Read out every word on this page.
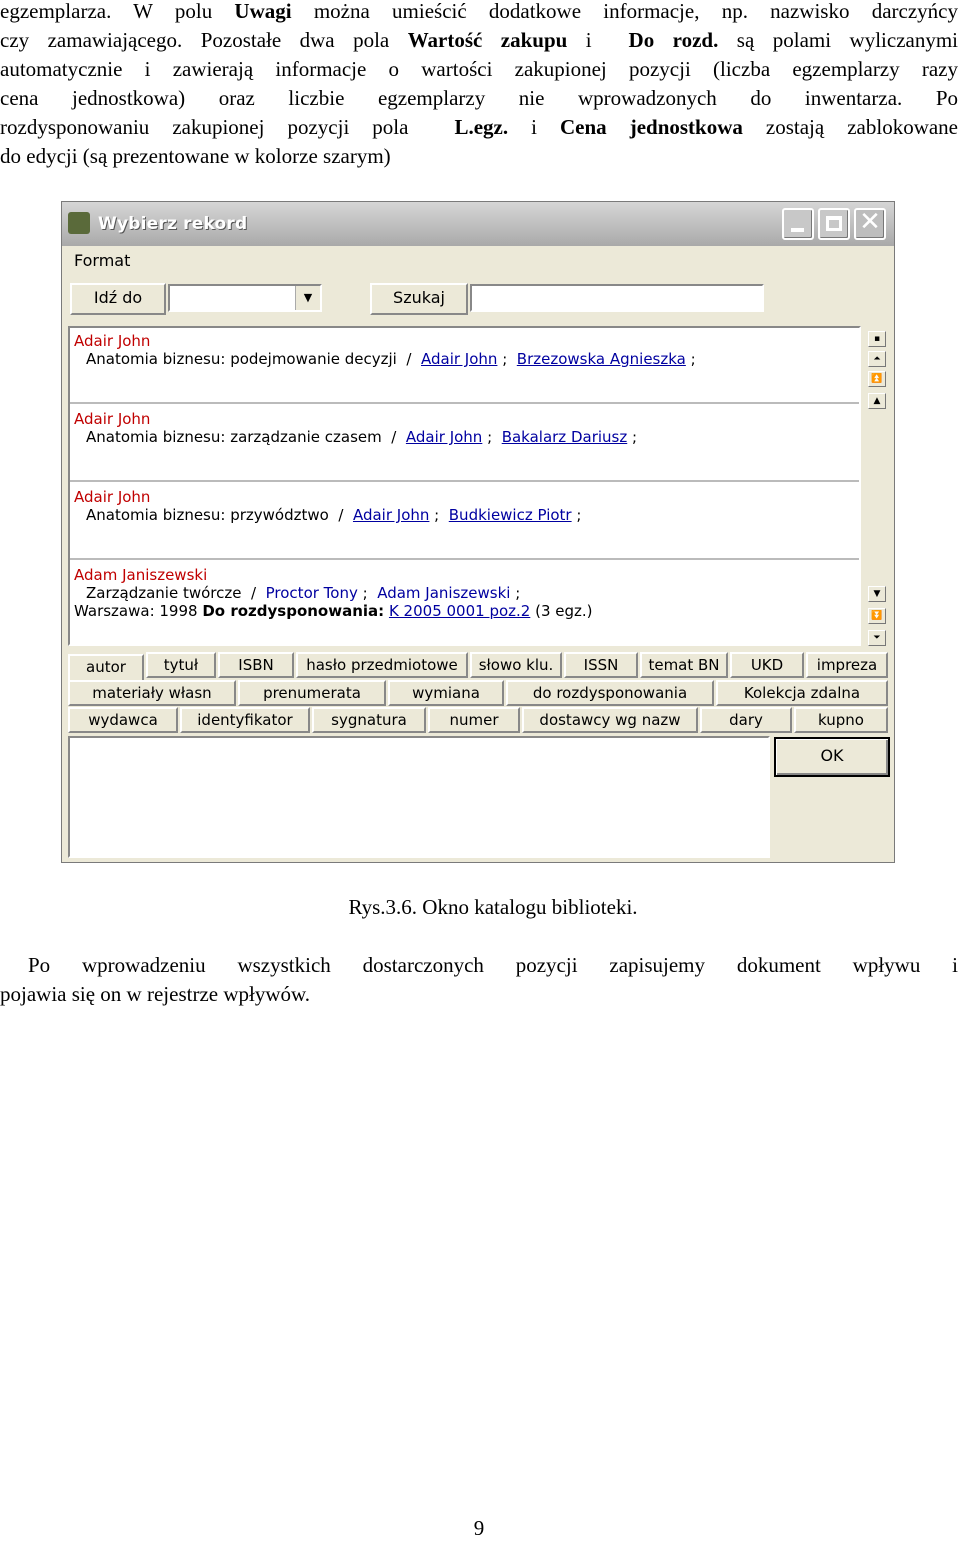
egzemplarza. W polu Uwagi można umieścić dodatkowe informacje, np. nazwisko darczyńcy
czy zamawiającego. Pozostałe dwa pola Wartość zakupu i  Do rozd. są polami wyliczanymi
automatycznie i zawierają informacje o wartości zakupionej pozycji (liczba egzemplarzy razy
cena jednostkowa) oraz liczbie egzemplarzy nie wprowadzonych do inwentarza. Po
rozdysponowaniu zakupionej pozycji pola  L.egz. i Cena jednostkowa zostają zablokowane
do edycji (są prezentowane w kolorze szarym)
Wybierz rekord	✕
Format
Idź do	▼	Szukaj
Adair John
Anatomia biznesu: podejmowanie decyzji / Adair John ;  Brzezowska Agnieszka ;
Adair John
Anatomia biznesu: zarządzanie czasem / Adair John ;  Bakalarz Dariusz ;
Adair John
Anatomia biznesu: przywództwo / Adair John ;  Budkiewicz Piotr ;
Adam Janiszewski
Zarządzanie twórcze / Proctor Tony ;  Adam Janiszewski ;
Warszawa: 1998 Do rozdysponowania: K 2005 0001 poz.2 (3 egz.)
▪
⏶
⏫
▲
▼
⏬
⏷
autor	tytuł	ISBN	hasło przedmiotowe	słowo klu.	ISSN	temat BN	UKD	impreza
materiały własn	prenumerata	wymiana	do rozdysponowania	Kolekcja zdalna
wydawca	identyfikator	sygnatura	numer	dostawcy wg nazw	dary	kupno
OK
Rys.3.6. Okno katalogu biblioteki.
Po wprowadzeniu wszystkich dostarczonych pozycji zapisujemy dokument wpływu i
pojawia się on w rejestrze wpływów.
9
